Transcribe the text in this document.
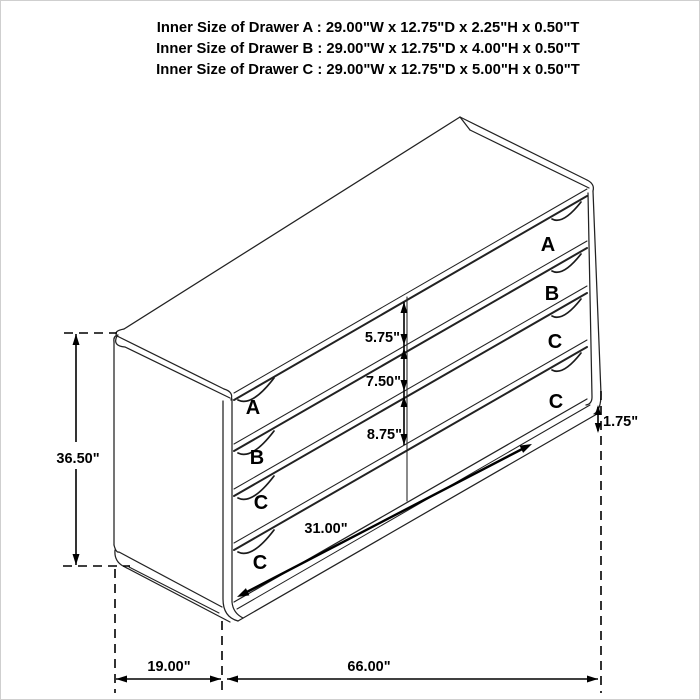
Inner Size of Drawer A : 29.00"W x 12.75"D x 2.25"H x 0.50"T
Inner Size of Drawer B : 29.00"W x 12.75"D x 4.00"H x 0.50"T
Inner Size of Drawer C : 29.00"W x 12.75"D x 5.00"H x 0.50"T
A
B
C
C
A
B
C
C
36.50"
5.75"
7.50"
8.75"
31.00"
1.75"
19.00"	66.00"
